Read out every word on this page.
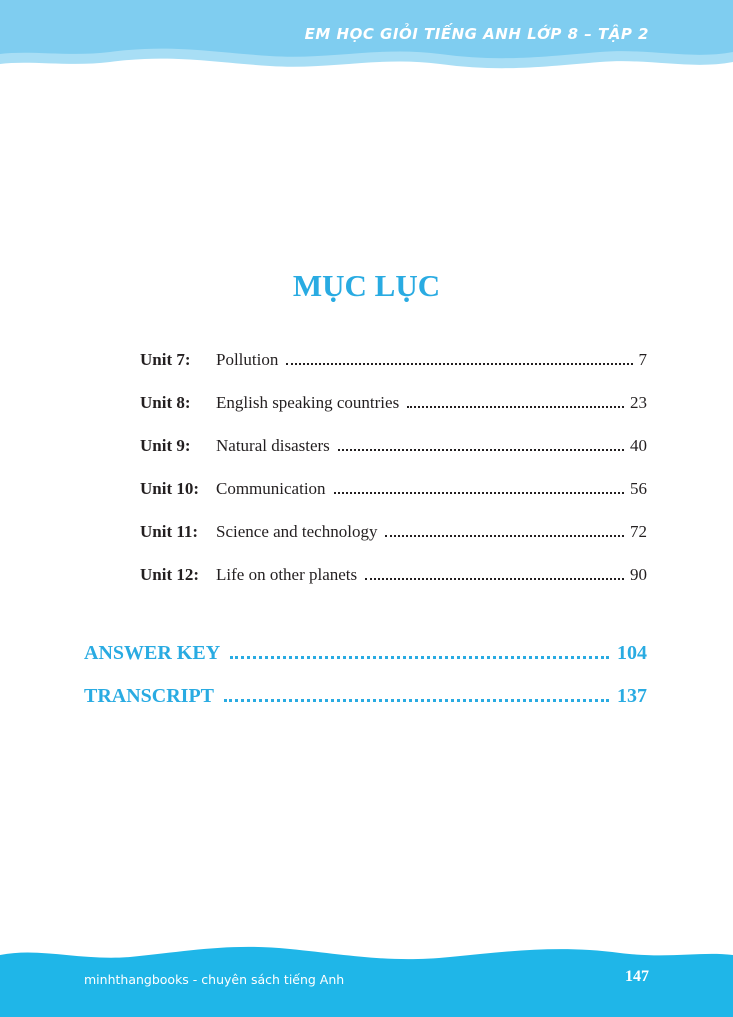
EM HỌC GIỎI TIẾNG ANH LỚP 8 – TẬP 2
MỤC LỤC
Unit 7:	Pollution	7
Unit 8:	English speaking countries	23
Unit 9:	Natural disasters	40
Unit 10: Communication	56
Unit 11:	Science and technology	72
Unit 12: Life on other planets	90
ANSWER KEY	104
TRANSCRIPT	137
minhthangbooks - chuyên sách tiếng Anh	147
